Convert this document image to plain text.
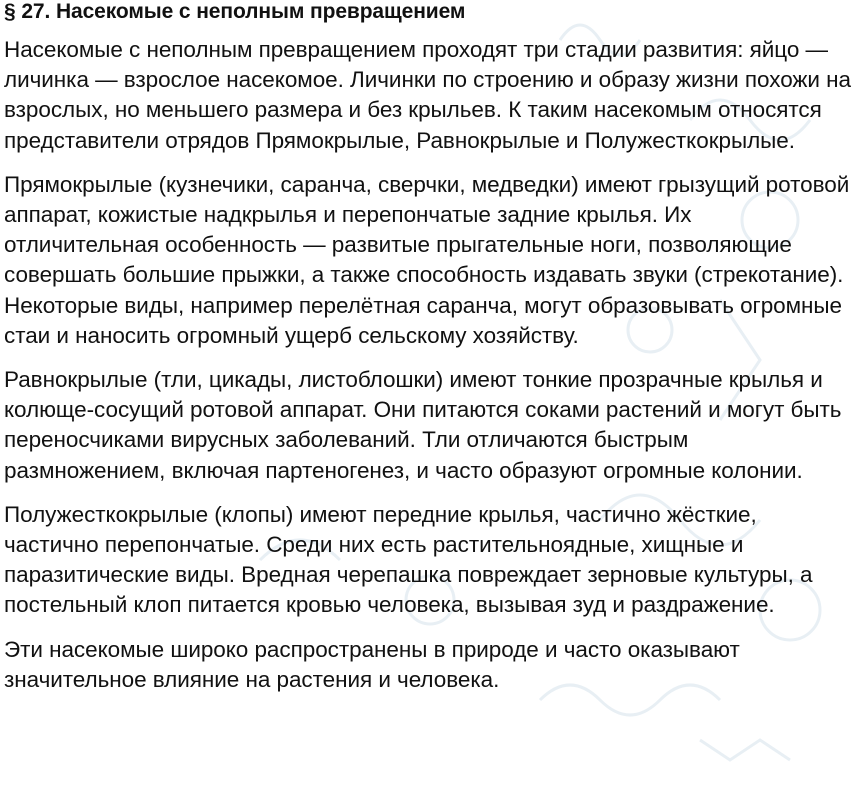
§ 27. Насекомые с неполным превращением

Насекомые с неполным превращением проходят три стадии развития: яйцо — личинка — взрослое насекомое. Личинки по строению и образу жизни похожи на взрослых, но меньшего размера и без крыльев. К таким насекомым относятся представители отрядов Прямокрылые, Равнокрылые и Полужесткокрылые.

Прямокрылые (кузнечики, саранча, сверчки, медведки) имеют грызущий ротовой аппарат, кожистые надкрылья и перепончатые задние крылья. Их отличительная особенность — развитые прыгательные ноги, позволяющие совершать большие прыжки, а также способность издавать звуки (стрекотание). Некоторые виды, например перелётная саранча, могут образовывать огромные стаи и наносить огромный ущерб сельскому хозяйству.

Равнокрылые (тли, цикады, листоблошки) имеют тонкие прозрачные крылья и колюще-сосущий ротовой аппарат. Они питаются соками растений и могут быть переносчиками вирусных заболеваний. Тли отличаются быстрым размножением, включая партеногенез, и часто образуют огромные колонии.

Полужесткокрылые (клопы) имеют передние крылья, частично жёсткие, частично перепончатые. Среди них есть растительноядные, хищные и паразитические виды. Вредная черепашка повреждает зерновые культуры, а постельный клоп питается кровью человека, вызывая зуд и раздражение.

Эти насекомые широко распространены в природе и часто оказывают значительное влияние на растения и человека.
